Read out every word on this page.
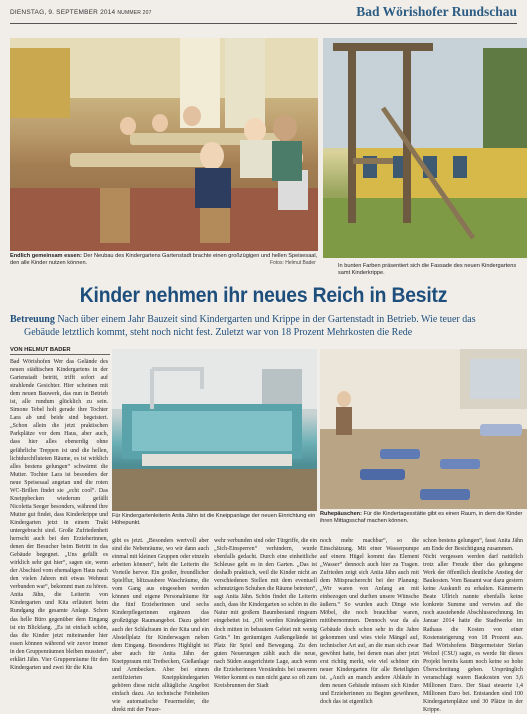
DIENSTAG, 9. SEPTEMBER 2014 NUMMER 207	Bad Wörishofer Rundschau
Endlich gemeinsam essen: Der Neubau des Kindergartens Gartenstadt brachte einen großzügigen und hellen Speisesaal, den alle Kinder nutzen können.	Fotos: Helmut Bader	In bunten Farben präsentiert sich die Fassade des neuen Kindergartens samt Kinderkrippe.
Kinder nehmen ihr neues Reich in Besitz
Betreuung Nach über einem Jahr Bauzeit sind Kindergarten und Krippe in der Gartenstadt in Betrieb. Wie teuer das
Gebäude letztlich kommt, steht noch nicht fest. Zuletzt war von 18 Prozent Mehrkosten die Rede
VON HELMUT BADER
Für Kindergartenleiterin Anita Jähn ist die Kneippanlage der neuen Einrichtung ein Höhepunkt.
Ruhepäuschen: Für die Kindertagesstätte gibt es einen Raum, in dem die Kinder ihren Mittagsschaf machen können.
Bad Wörishofen Wer das Gelände des neuen städtischen Kindergartens in der Gartenstadt betritt, trifft sofort auf strahlende Gesichter. Hier scheinen mit dem neuen Bauwerk, das nun in Betrieb ist, alle rundum glücklich zu sein. Simone Tebel holt gerade ihre Tochter Lara ab und beide sind begeistert. „Schon allein die jetzt praktischen Parkplätze vor dem Haus, aber auch, dass hier alles ebenerdig ohne gefährliche Treppen ist und die hellen, lichtdurchfluteten Räume, es ist wirklich alles bestens gelungen“ schwärmt die Mutter. Tochter Lara ist besonders der neue Speisesaal angetan und die roten WC-Brillen findet sie „echt cool“. Das Kneippbecken wiederum gefällt Nicoletta Seeger besonders, während ihre Mutter gut findet, dass Kinderkrippe und Kindergarten jetzt in einem Trakt untergebracht sind. Große Zufriedenheit herrscht auch bei den Erzieherinnen, denen der Besucher beim Betritt in das Gebäude begegnet. „Uns gefällt es wirklich sehr gut hier“, sagen sie, wenn der Abschied vom ehemaligen Haus nach den vielen Jahren mit etwas Wehmut verbunden war“, bekommt man zu hören. Anita Jähn, die Leiterin von Kindergarten und Kita erläutert beim Rundgang die gesamte Anlage. Schon das helle Büro gegenüber dem Eingang ist ein Blickfang. „Es ist einfach schön, das die Kinder jetzt miteinander hier essen können während wir zuvor immer in den Gruppenräumen bleiben mussten“, erklärt Jähn. Vier Gruppenräume für den Kindergarten und zwei für die Kita
gibt es jetzt. „Besonders wertvoll aber sind die Nebenräume, wo wir dann auch einmal mit kleinen Gruppen oder einzeln arbeiten können“, hebt die Leiterin die Vorteile hervor. Ein großer, freundlicher Spielflur, blitzsaubere Waschräume, die vom Gang aus eingesehen werden können und eigene Personalräume für die fünf Erzieherinnen und sechs Kinderpflegerinnen ergänzen das großzügige Raumangebot. Dazu gehört auch der Schlafraum in der Kita und ein Abstellplatz für Kinderwagen neben dem Eingang. Besonderes Highlight ist aber auch für Anita Jähn der Kneippraum mit Tretbecken, Gießanlage und Armbecken. Aber bei einem zertifizierten Kneippkindergarten gehören diese nicht alltägliche Angebot einfach dazu. An technische Feinheiten wie automatische Feuermelder, die direkt mit der Feuer-
wehr verbunden sind oder Türgriffe, die ein „Sich-Einsperren“ verhindern, wurde ebenfalls gedacht. Durch eine einheitliche Schleuse geht es in den Garten. „Das ist deshalb praktisch, weil die Kinder nicht an verschiedenen Stellen mit dem eventuell schmutzigen Schuhen die Räume betreten“, sagt Anita Jähn. Schön findet die Leiterin auch, dass ihr Kindergarten so schön in die Natur mit großem Baumbestand ringsum eingebettet ist. „Oft werden Kindergärten doch mitten in bebautem Gebiet mit wenig Grün.“ Im geräumigen Außengelände ist Platz für Spiel und Bewegung. Zu den guten Neuerungen zählt auch die neue, nach Süden ausgerichtete Lage, auch wenn die Erzieherinnen Verständnis bei unserem Wetter kommt es nun nicht ganz so oft zum Kreisbrunnen der Stadt
noch mehr machbar“, so die Einschätzung. Mit einer Wasserpumpe auf einem Hügel kommt das Element „Wasser“ dennoch auch hier zu Tragen. Zufrieden zeigt sich Anita Jähn auch mit dem Mitspracherecht bei der Planung: „Wir waren von Anfang an mit einbezogen und durften unsere Wünsche äußern.“ So wurden auch Dinge wie Möbel, die noch brauchbar waren, mitübernommen. Dennoch war da als Gebäude doch schon sehr in die Jahre gekommen und wies viele Mängel auf, technischer Art auf, an die man sich zwar gewöhnt hatte, bei denen man aber jetzt erst richtig merkt, wie viel schöner ein neuer Kindergarten für alle Beteiligten ist. „Auch an manch andere Abläufe in dem neuen Gebäude müssen sich Kinder und Erzieherinnen zu Beginn gewöhnen, doch das ist eigentlich

schon bestens gelungen“, fasst Anita Jähn am Ende der Besichtigung zusammen.

Nicht vergessen werden darf natürlich trotz aller Freude über das gelungene Werk der öffentlich deutliche Anstieg der Baukosten. Vom Bauamt war dazu gestern keine Auskunft zu erhalten. Kämmerin Beate Ullrich nannte ebenfalls keine konkrete Summe und verwies auf die noch ausstehende Abschlussrechnung. Im Januar 2014 hatte die Stadtwerke im Rathaus die Kosten von einer Kostensteigerung von 18 Prozent aus. Bad Wörishofens Bürgermeister Stefan Welzel (CSU) sagte, es werde für dieses Projekt bereits kaum noch keine so hohe Überschreitung geben. Ursprünglich veranschlagt waren Baukosten von 3,6 Millionen Euro. Der Staat steuerte 1,4 Millionen Euro bei. Entstanden sind 100 Kindergartenplätze und 30 Plätze in der Krippe.
